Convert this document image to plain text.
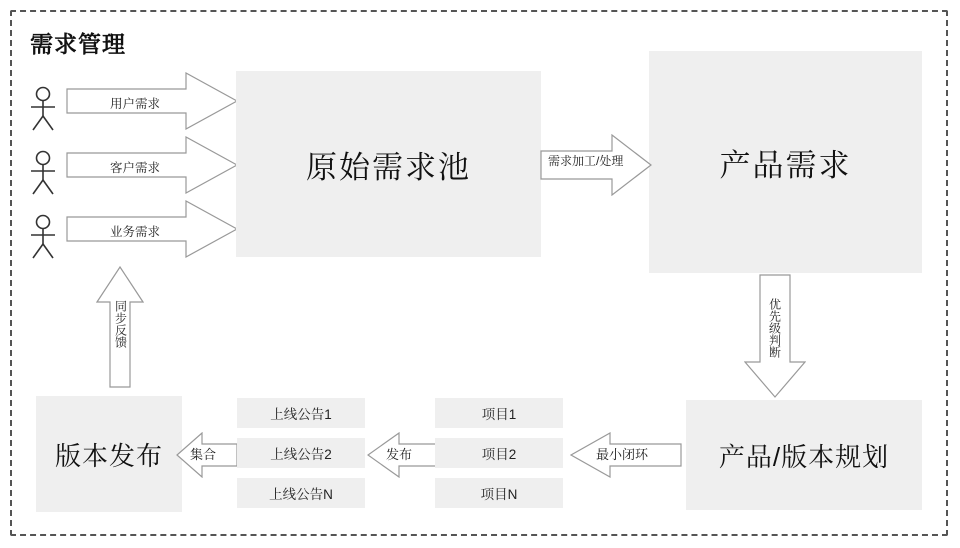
需求管理
用户需求
客户需求
业务需求
原始需求池	产品需求
产品/版本规划
版本发布
需求加工/处理
优先级判断
最小闭环
发布
集合
同步反馈
上线公告1
上线公告2
上线公告N
项目1
项目2
项目N
